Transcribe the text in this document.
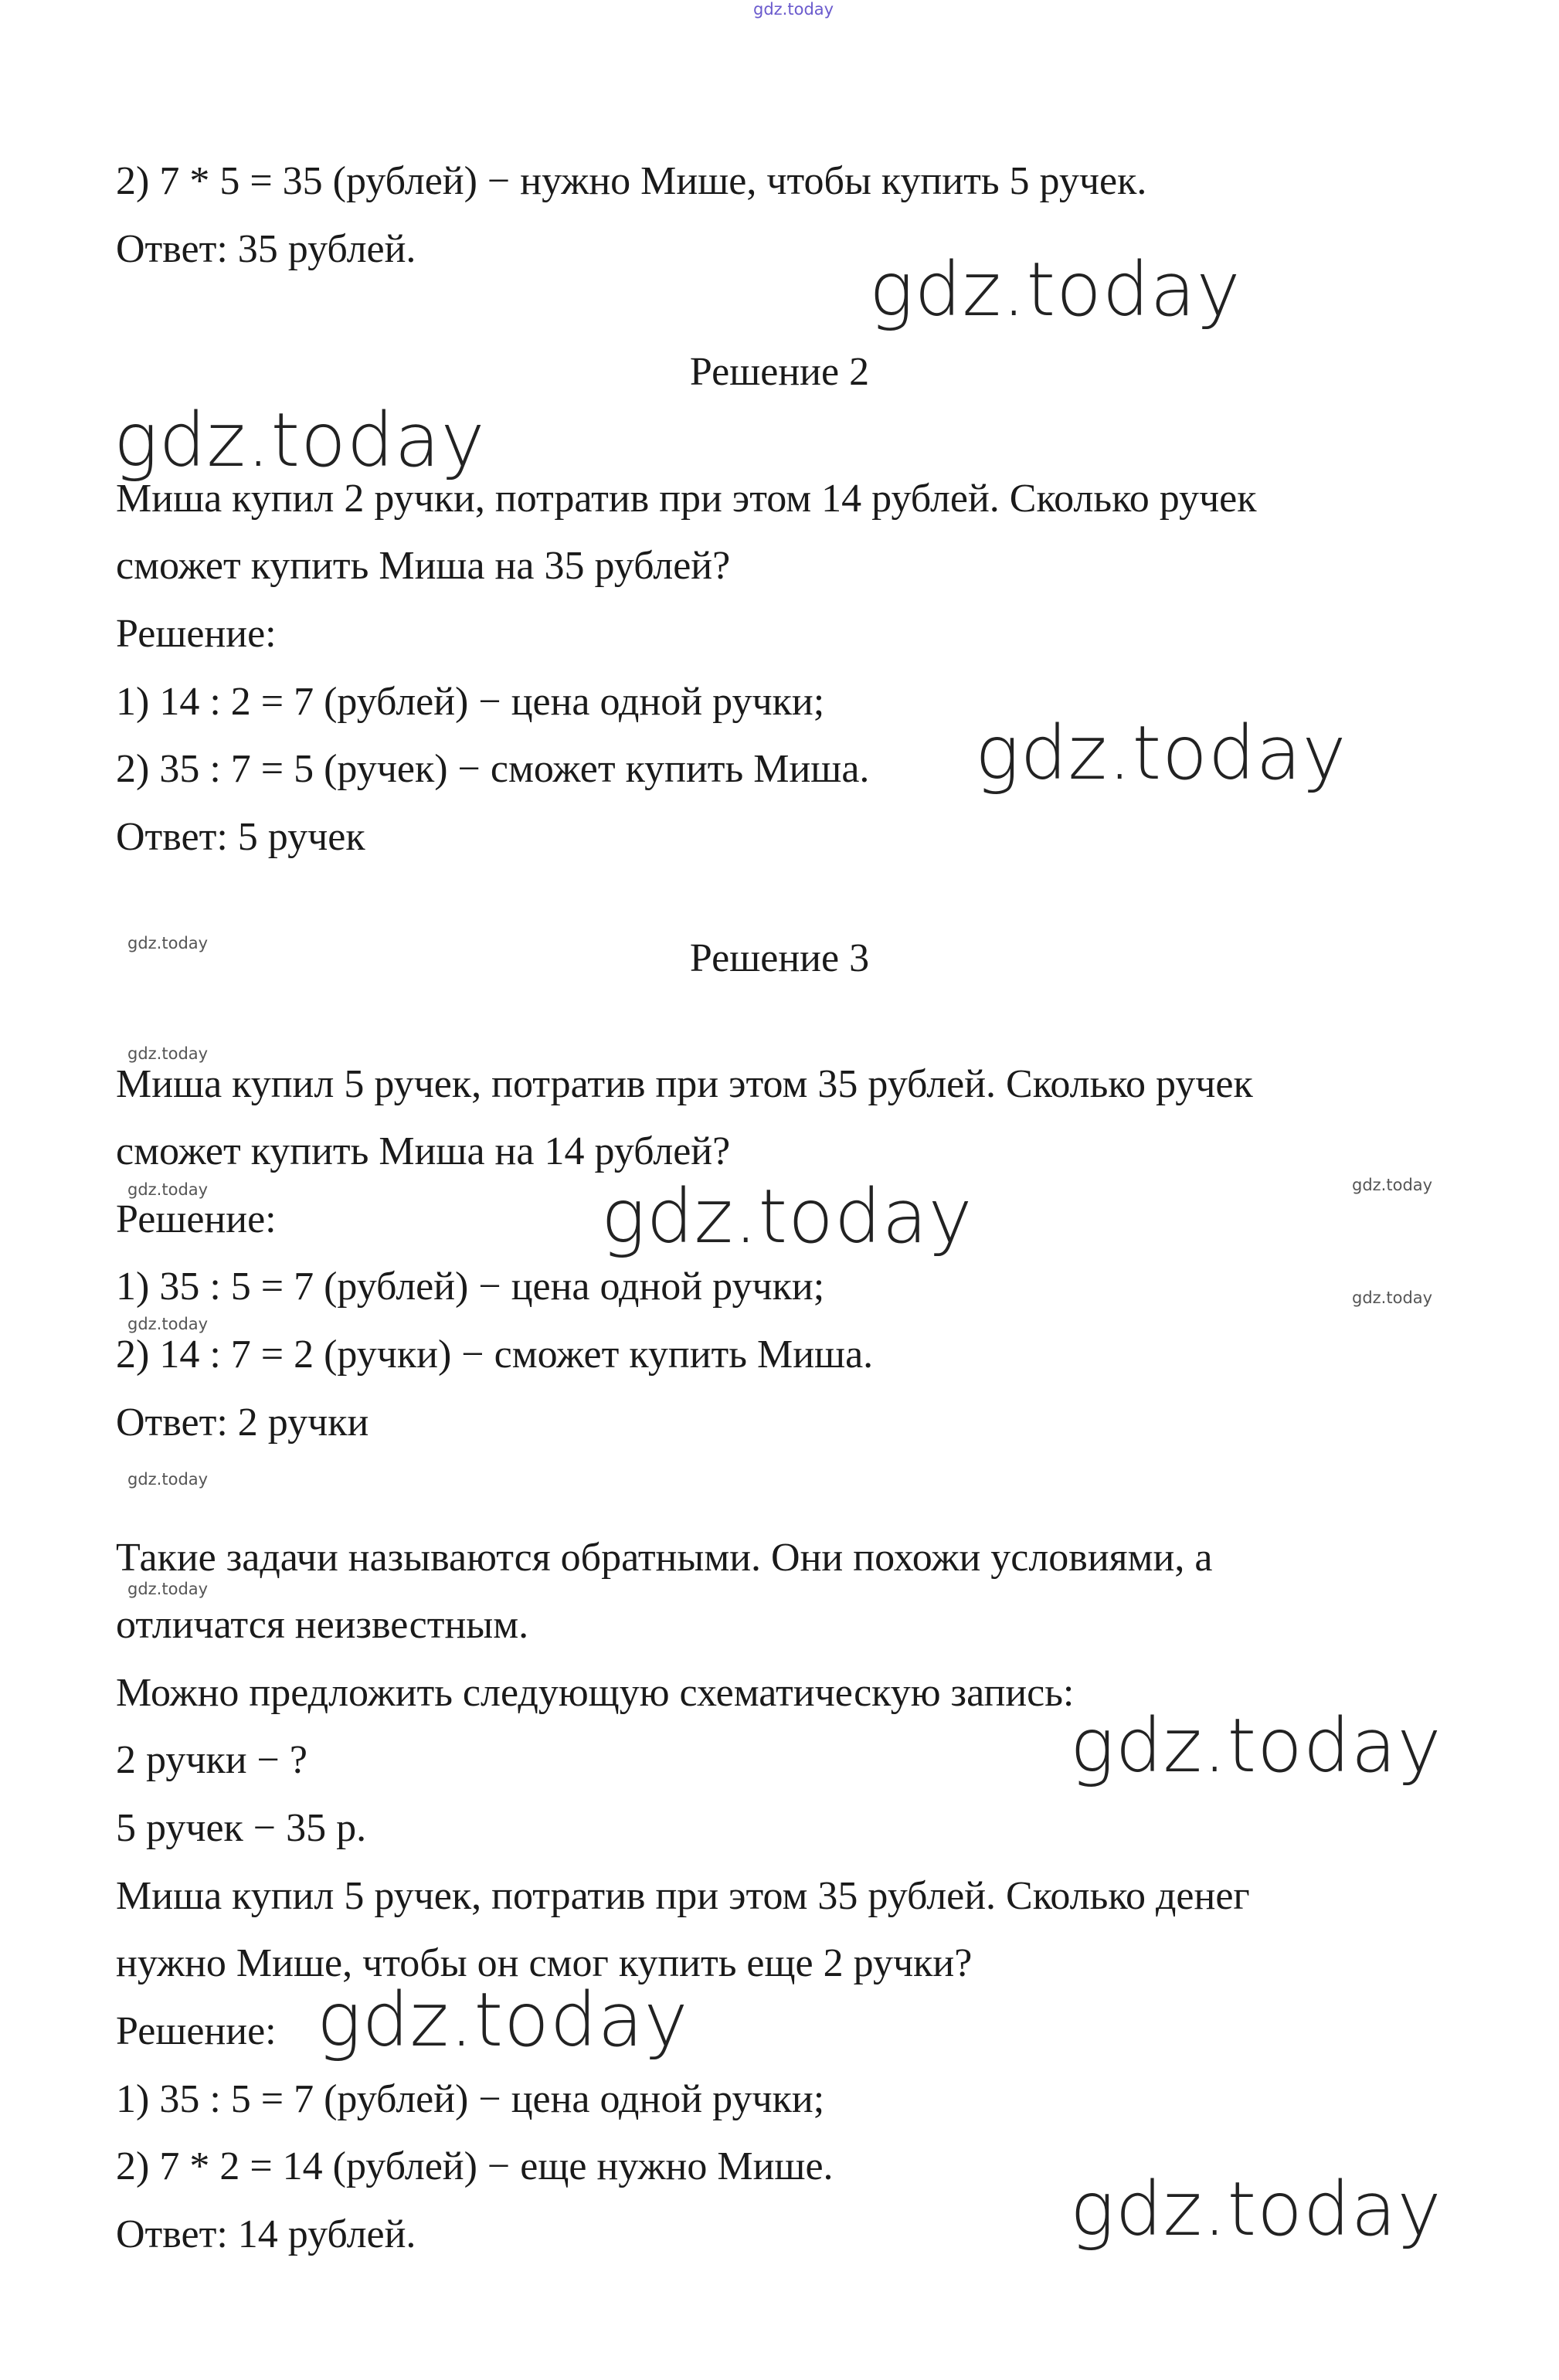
gdz.today
2) 7 * 5 = 35 (рублей) − нужно Мише, чтобы купить 5 ручек.
Ответ: 35 рублей.	gdz.today
Решение 2
gdz.today
Миша купил 2 ручки, потратив при этом 14 рублей. Сколько ручек
сможет купить Миша на 35 рублей?
Решение:
1) 14 : 2 = 7 (рублей) − цена одной ручки;
2) 35 : 7 = 5 (ручек) − сможет купить Миша. gdz.today
Ответ: 5 ручек
gdz.today	Решение 3
gdz.today
Миша купил 5 ручек, потратив при этом 35 рублей. Сколько ручек
сможет купить Миша на 14 рублей?
gdz.today	gdz.today
Решение:	gdz.today
1) 35 : 5 = 7 (рублей) − цена одной ручки;	gdz.today
gdz.today
2) 14 : 7 = 2 (ручки) − сможет купить Миша.
Ответ: 2 ручки
gdz.today
Такие задачи называются обратными. Они похожи условиями, а
gdz.today
отличатся неизвестным.
Можно предложить следующую схематическую запись:
gdz.today
2 ручки − ?
5 ручек − 35 р.
Миша купил 5 ручек, потратив при этом 35 рублей. Сколько денег
нужно Мише, чтобы он смог купить еще 2 ручки?
Решение: gdz.today
1) 35 : 5 = 7 (рублей) − цена одной ручки;
2) 7 * 2 = 14 (рублей) − еще нужно Мише.	gdz.today
Ответ: 14 рублей.
